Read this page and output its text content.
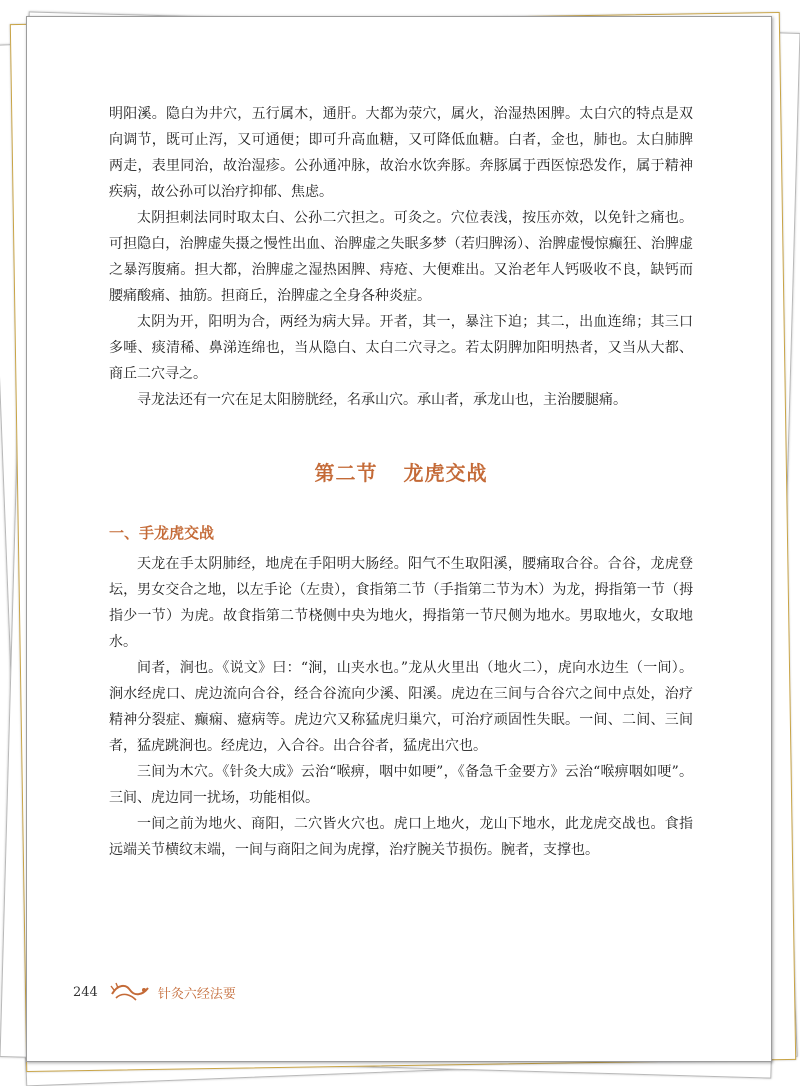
明阳溪。隐白为井穴，五行属木，通肝。大都为荥穴，属火，治湿热困脾。太白穴的特点是双向调节，既可止泻，又可通便；即可升高血糖，又可降低血糖。白者，金也，肺也。太白肺脾两走，表里同治，故治湿疹。公孙通冲脉，故治水饮奔豚。奔豚属于西医惊恐发作，属于精神疾病，故公孙可以治疗抑郁、焦虑。

太阴担刺法同时取太白、公孙二穴担之。可灸之。穴位表浅，按压亦效，以免针之痛也。可担隐白，治脾虚失摄之慢性出血、治脾虚之失眠多梦（若归脾汤）、治脾虚慢惊癫狂、治脾虚之暴泻腹痛。担大都，治脾虚之湿热困脾、痔疮、大便难出。又治老年人钙吸收不良，缺钙而腰痛酸痛、抽筋。担商丘，治脾虚之全身各种炎症。

太阴为开，阳明为合，两经为病大异。开者，其一，暴注下迫；其二，出血连绵；其三口多唾、痰清稀、鼻涕连绵也，当从隐白、太白二穴寻之。若太阴脾加阳明热者，又当从大都、商丘二穴寻之。

寻龙法还有一穴在足太阳膀胱经，名承山穴。承山者，承龙山也，主治腰腿痛。

第二节 龙虎交战
一、手龙虎交战

天龙在手太阴肺经，地虎在手阳明大肠经。阳气不生取阳溪，腰痛取合谷。合谷，龙虎登坛，男女交合之地，以左手论（左贵），食指第二节（手指第二节为木）为龙，拇指第一节（拇指少一节）为虎。故食指第二节桡侧中央为地火，拇指第一节尺侧为地水。男取地火，女取地水。

间者，涧也。《说文》曰：“涧，山夹水也。”龙从火里出（地火二），虎向水边生（一间）。涧水经虎口、虎边流向合谷，经合谷流向少溪、阳溪。虎边在三间与合谷穴之间中点处，治疗精神分裂症、癫痫、癔病等。虎边穴又称猛虎归巢穴，可治疗顽固性失眠。一间、二间、三间者，猛虎跳涧也。经虎边，入合谷。出合谷者，猛虎出穴也。

三间为木穴。《针灸大成》云治“喉痹，咽中如哽”，《备急千金要方》云治“喉痹咽如哽”。三间、虎边同一扰场，功能相似。

一间之前为地火、商阳，二穴皆火穴也。虎口上地火，龙山下地水，此龙虎交战也。食指远端关节横纹末端，一间与商阳之间为虎撑，治疗腕关节损伤。腕者，支撑也。

244	针灸六经法要
